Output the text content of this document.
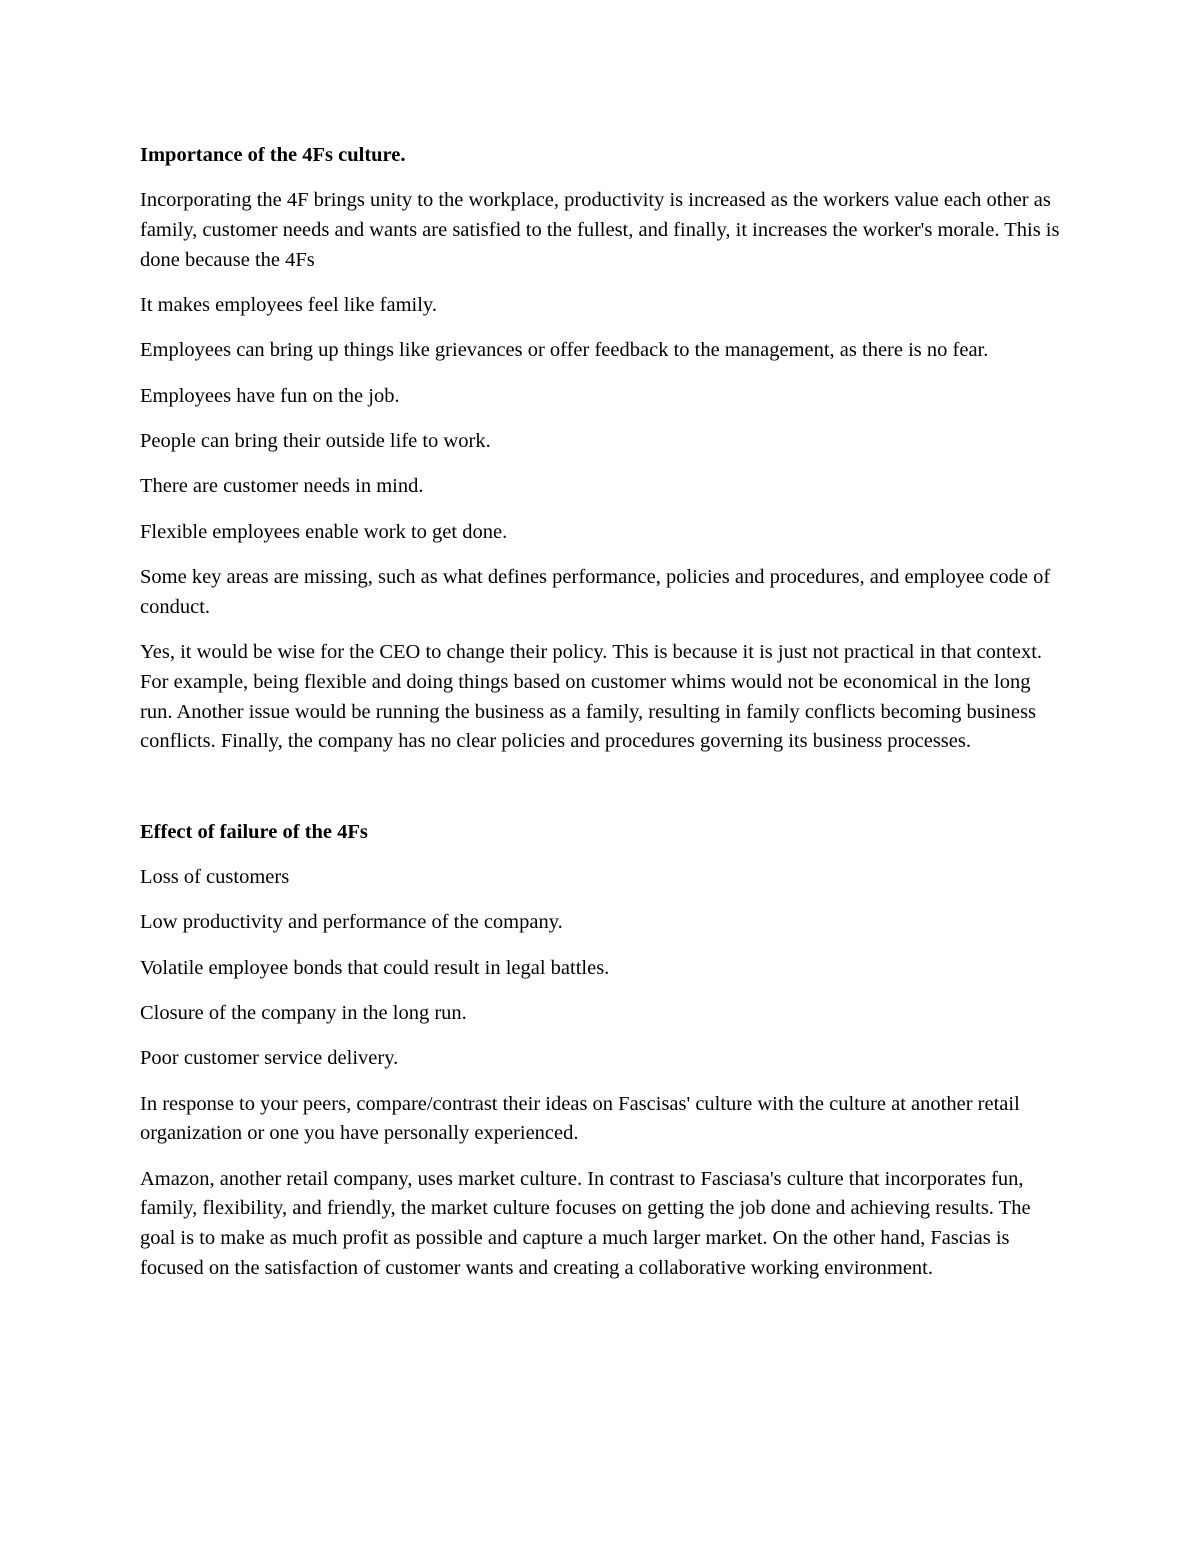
Importance of the 4Fs culture.

Incorporating the 4F brings unity to the workplace, productivity is increased as the workers value each other as family, customer needs and wants are satisfied to the fullest, and finally, it increases the worker's morale. This is done because the 4Fs

It makes employees feel like family.

Employees can bring up things like grievances or offer feedback to the management, as there is no fear.

Employees have fun on the job.

People can bring their outside life to work.

There are customer needs in mind.

Flexible employees enable work to get done.

Some key areas are missing, such as what defines performance, policies and procedures, and employee code of conduct.

Yes, it would be wise for the CEO to change their policy. This is because it is just not practical in that context. For example, being flexible and doing things based on customer whims would not be economical in the long run. Another issue would be running the business as a family, resulting in family conflicts becoming business conflicts. Finally, the company has no clear policies and procedures governing its business processes.

Effect of failure of the 4Fs

Loss of customers

Low productivity and performance of the company.

Volatile employee bonds that could result in legal battles.

Closure of the company in the long run.

Poor customer service delivery.

In response to your peers, compare/contrast their ideas on Fascisas' culture with the culture at another retail organization or one you have personally experienced.

Amazon, another retail company, uses market culture. In contrast to Fasciasa's culture that incorporates fun, family, flexibility, and friendly, the market culture focuses on getting the job done and achieving results. The goal is to make as much profit as possible and capture a much larger market. On the other hand, Fascias is focused on the satisfaction of customer wants and creating a collaborative working environment.
